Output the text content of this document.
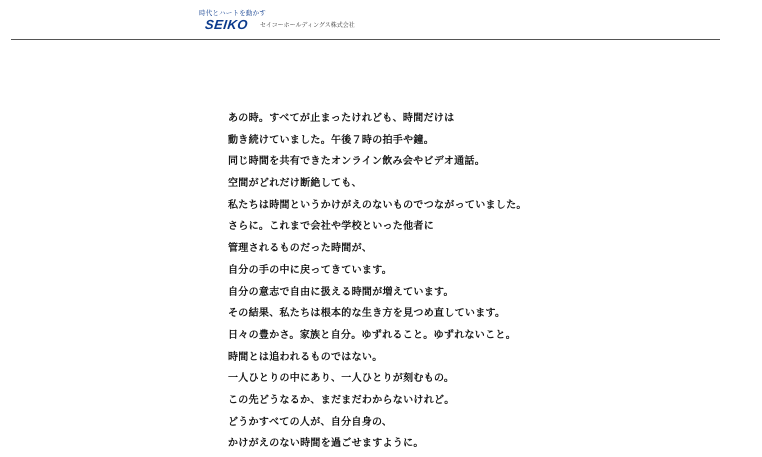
時代とハートを動かす
SEIKO セイコーホールディングス株式会社
あの時。すべてが止まったけれども、時間だけは
動き続けていました。午後７時の拍手や鐘。
同じ時間を共有できたオンライン飲み会やビデオ通話。
空間がどれだけ断絶しても、
私たちは時間というかけがえのないものでつながっていました。
さらに。これまで会社や学校といった他者に
管理されるものだった時間が、
自分の手の中に戻ってきています。
自分の意志で自由に扱える時間が増えています。
その結果、私たちは根本的な生き方を見つめ直しています。
日々の豊かさ。家族と自分。ゆずれること。ゆずれないこと。
時間とは追われるものではない。
一人ひとりの中にあり、一人ひとりが刻むもの。
この先どうなるか、まだまだわからないけれど。
どうかすべての人が、自分自身の、
かけがえのない時間を過ごせますように。
